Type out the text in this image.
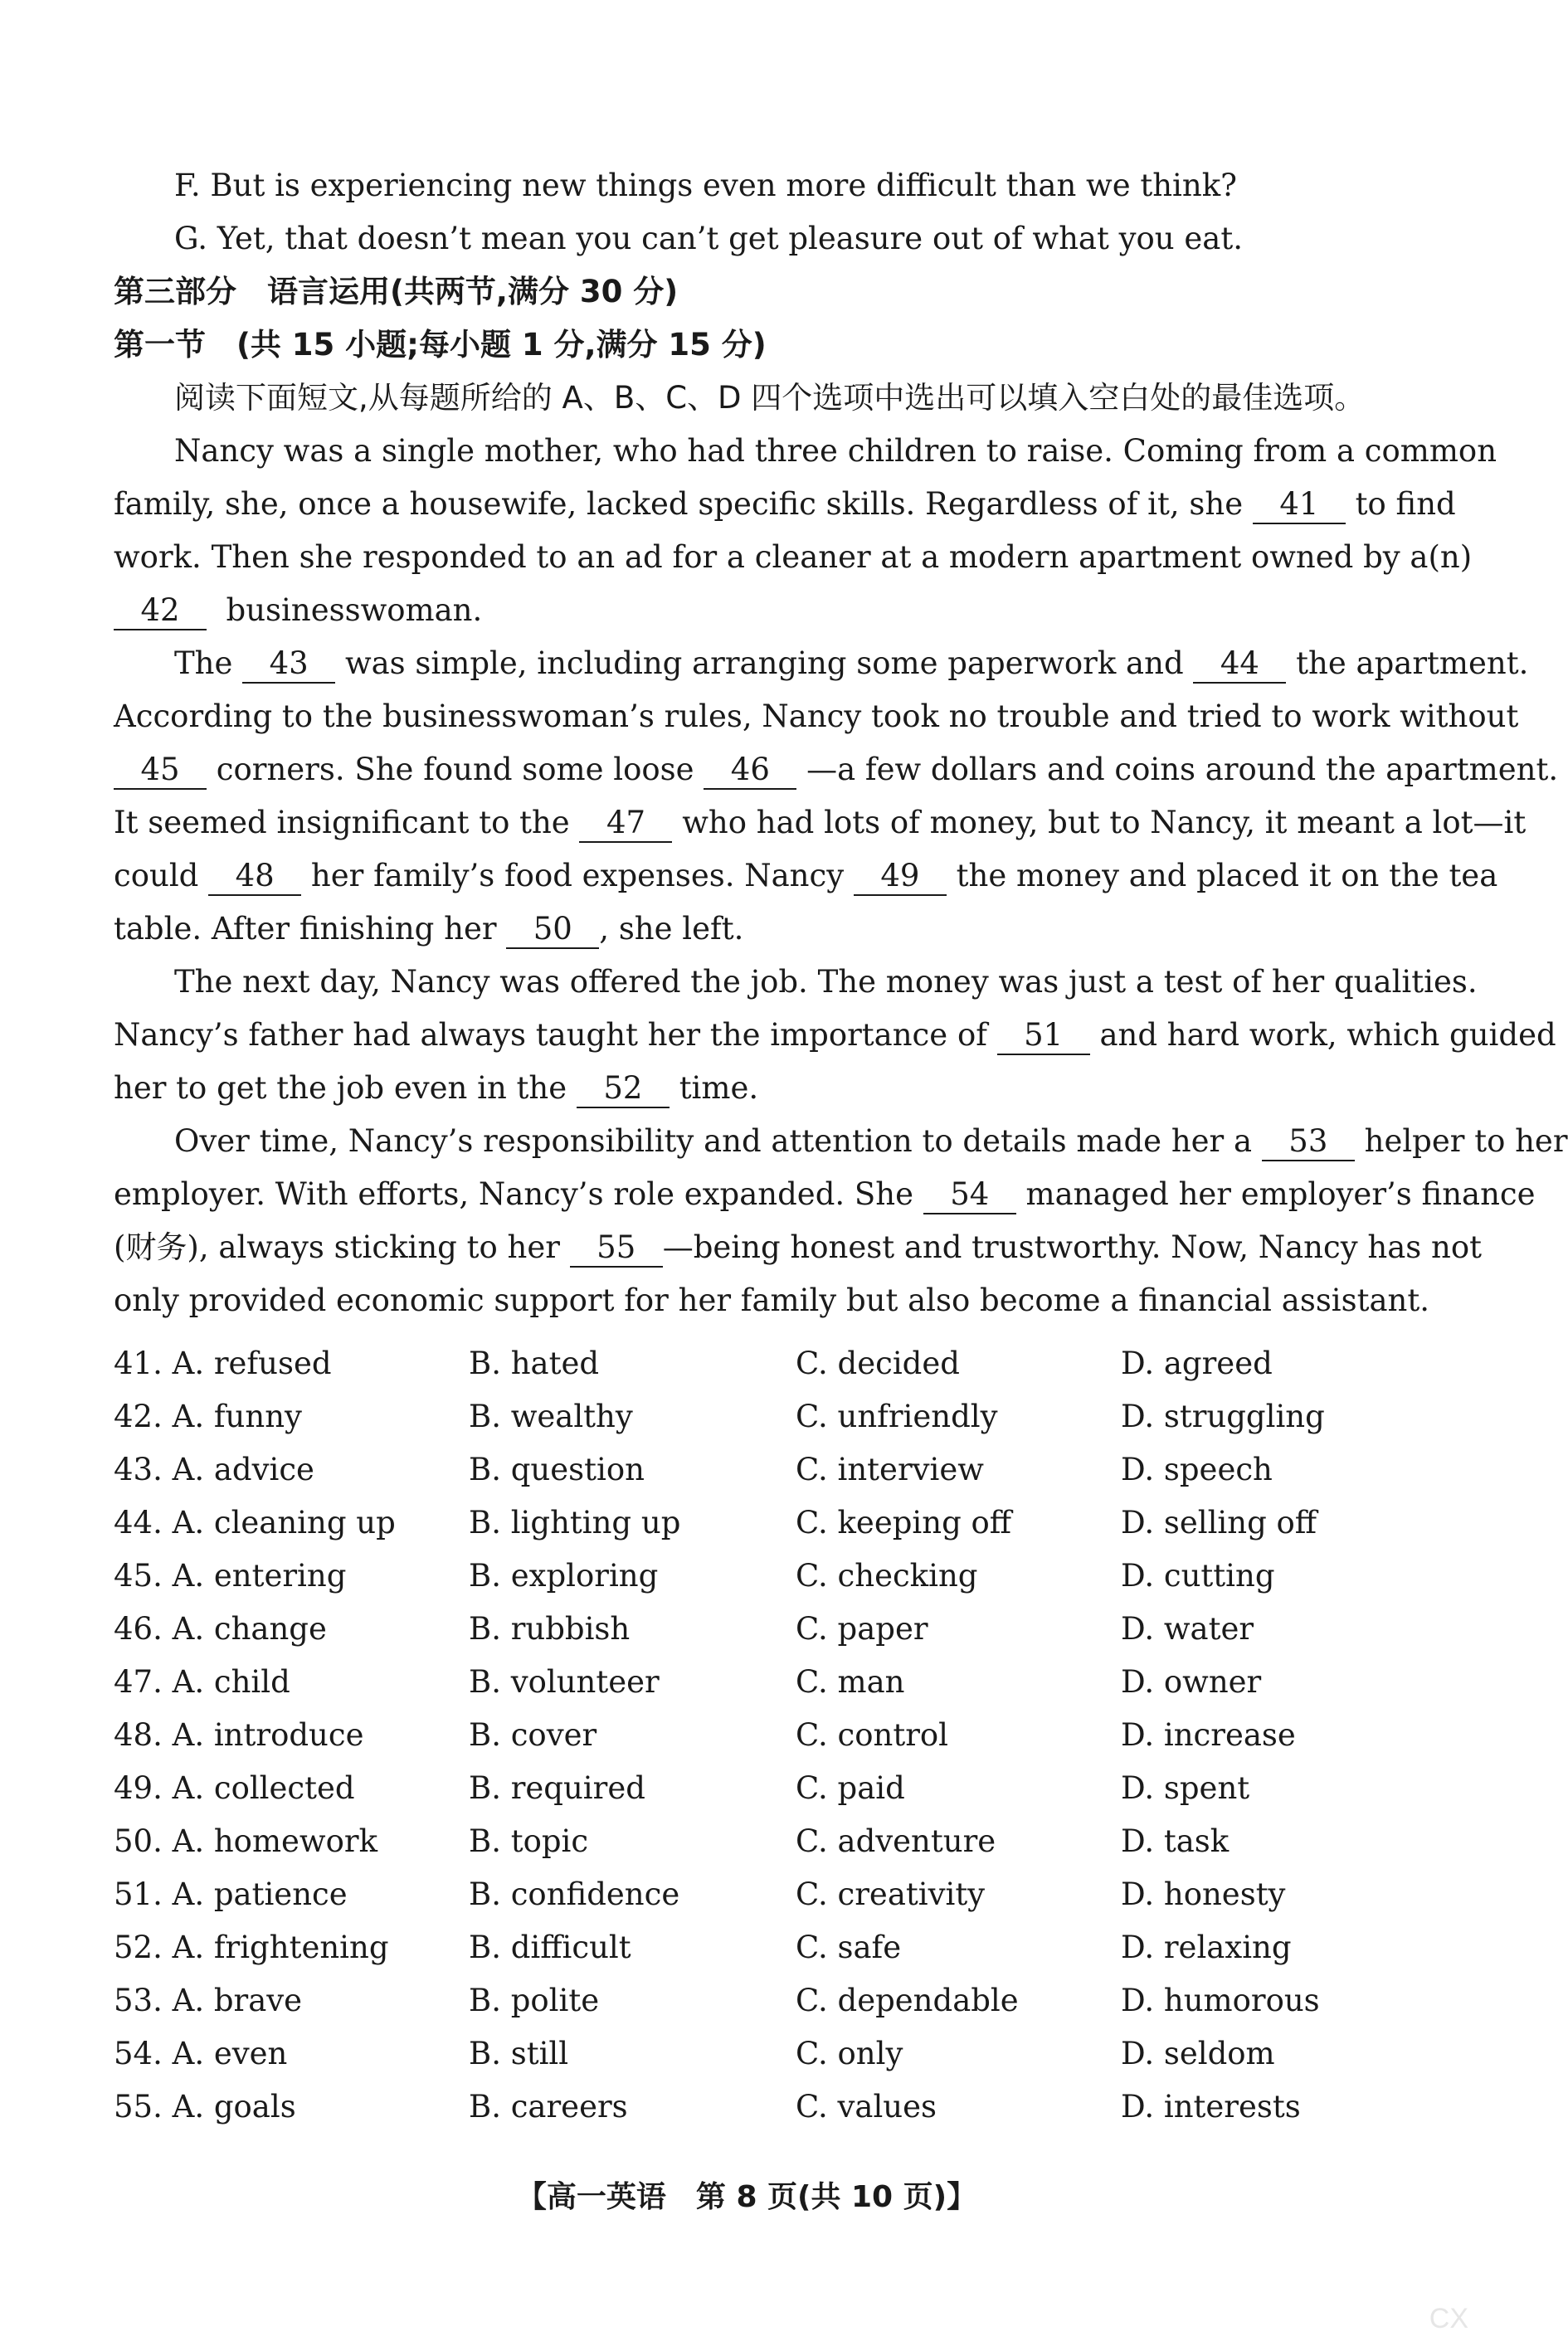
F. But is experiencing new things even more difficult than we think?
G. Yet, that doesn’t mean you can’t get pleasure out of what you eat.
第三部分　语言运用(共两节,满分 30 分)
第一节　(共 15 小题;每小题 1 分,满分 15 分)
阅读下面短文,从每题所给的 A、B、C、D 四个选项中选出可以填入空白处的最佳选项。
Nancy was a single mother, who had three children to raise. Coming from a common
family, she, once a housewife, lacked specific skills. Regardless of it, she 41 to find
work. Then she responded to an ad for a cleaner at a modern apartment owned by a(n)
42 businesswoman.
The 43 was simple, including arranging some paperwork and 44 the apartment.
According to the businesswoman’s rules, Nancy took no trouble and tried to work without
45 corners. She found some loose 46 —a few dollars and coins around the apartment.
It seemed insignificant to the 47 who had lots of money, but to Nancy, it meant a lot—it
could 48 her family’s food expenses. Nancy 49 the money and placed it on the tea
table. After finishing her 50 , she left.
The next day, Nancy was offered the job. The money was just a test of her qualities.
Nancy’s father had always taught her the importance of 51 and hard work, which guided
her to get the job even in the 52 time.
Over time, Nancy’s responsibility and attention to details made her a 53 helper to her
employer. With efforts, Nancy’s role expanded. She 54 managed her employer’s finance
(财务), always sticking to her 55 —being honest and trustworthy. Now, Nancy has not
only provided economic support for her family but also become a financial assistant.
41. A. refused	B. hated	C. decided	D. agreed
42. A. funny	B. wealthy	C. unfriendly	D. struggling
43. A. advice	B. question	C. interview	D. speech
44. A. cleaning up B. lighting up	C. keeping off	D. selling off
45. A. entering	B. exploring	C. checking	D. cutting
46. A. change	B. rubbish	C. paper	D. water
47. A. child	B. volunteer	C. man	D. owner
48. A. introduce	B. cover	C. control	D. increase
49. A. collected	B. required	C. paid	D. spent
50. A. homework	B. topic	C. adventure	D. task
51. A. patience	B. confidence	C. creativity	D. honesty
52. A. frightening	B. difficult	C. safe	D. relaxing
53. A. brave	B. polite	C. dependable	D. humorous
54. A. even	B. still	C. only	D. seldom
55. A. goals	B. careers	C. values	D. interests
【高一英语　第 8 页(共 10 页)】
CX
